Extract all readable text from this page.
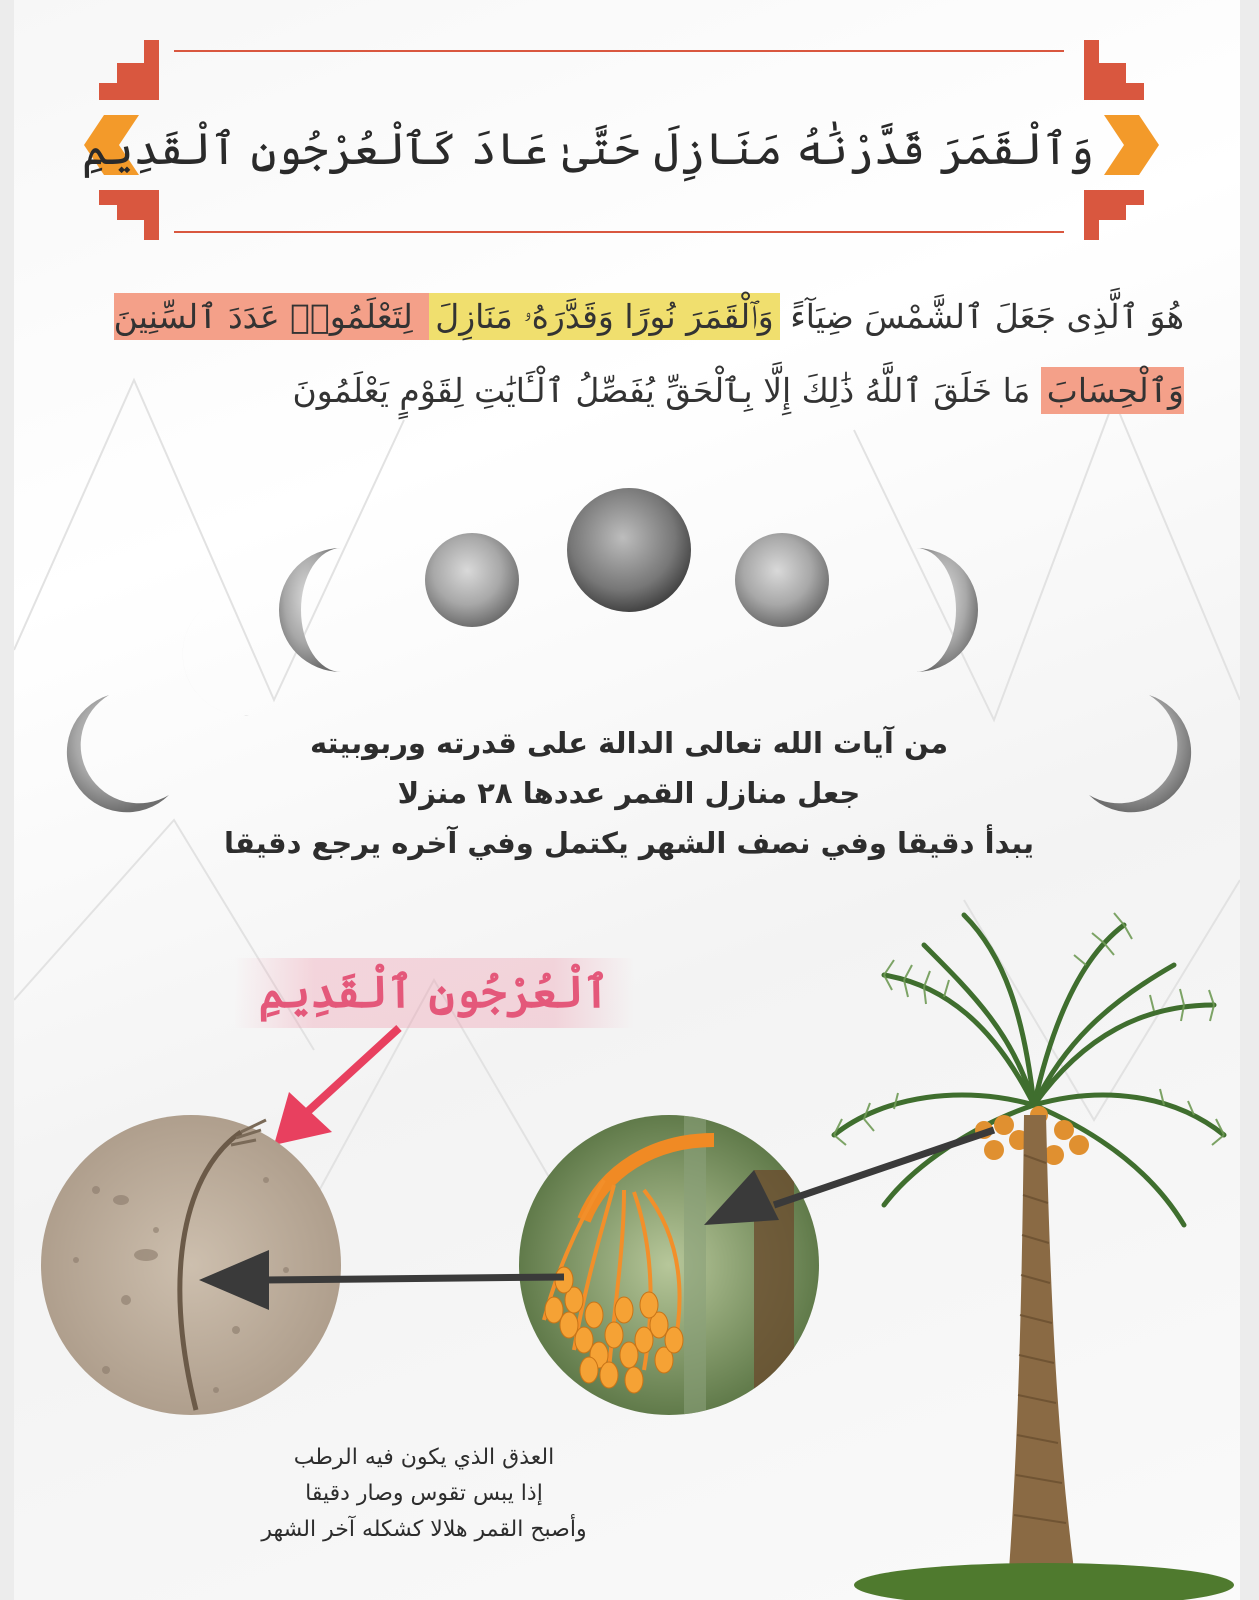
وَٱلْقَمَرَ قَدَّرْنَٰهُ مَنَازِلَ حَتَّىٰ عَادَ كَٱلْعُرْجُونِ ٱلْقَدِيمِ
هُوَ ٱلَّذِى جَعَلَ ٱلشَّمْسَ ضِيَآءً وَٱلْقَمَرَ نُورًا وَقَدَّرَهُۥ مَنَازِلَ لِتَعْلَمُوا۟ عَدَدَ ٱلسِّنِينَ وَٱلْحِسَابَ مَا خَلَقَ ٱللَّهُ ذَٰلِكَ إِلَّا بِٱلْحَقِّ يُفَصِّلُ ٱلْـَٔايَٰتِ لِقَوْمٍ يَعْلَمُونَ
من آيات الله تعالى الدالة على قدرته وربوبيته
جعل منازل القمر عددها ٢٨ منزلا
يبدأ دقيقا وفي نصف الشهر يكتمل وفي آخره يرجع دقيقا
ٱلْعُرْجُونِ ٱلْقَدِيمِ
العذق الذي يكون فيه الرطب
إذا يبس تقوس وصار دقيقا
وأصبح القمر هلالا كشكله آخر الشهر
